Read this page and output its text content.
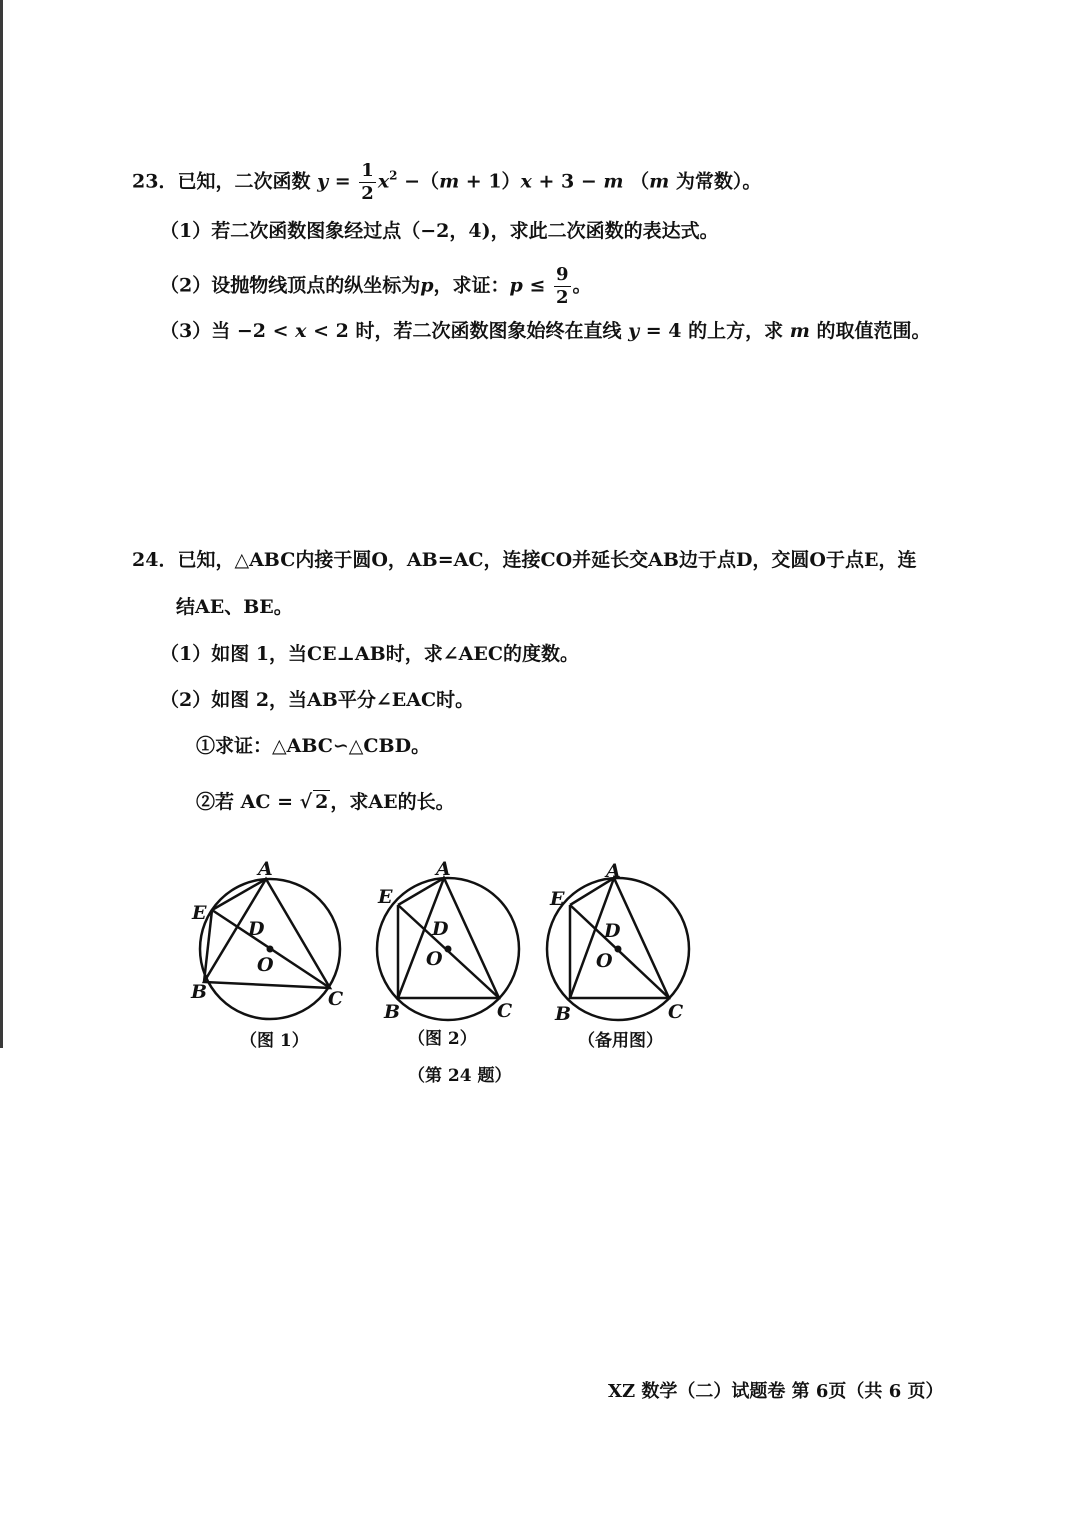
23．已知，二次函数 $y = \frac{1}{2} x^2 -(m + 1)x + 3 - m$ （m 为常数）。
（1）若二次函数图象经过点（−2，4)，求此二次函数的表达式。
（2）设抛物线顶点的纵坐标为p，求证：$p \le \frac{9}{2}$ 。
（3）当 −2 < x < 2 时，若二次函数图象始终在直线 y = 4 的上方，求 m 的取值范围。
24．已知，△ABC内接于圆O，AB=AC，连接CO并延长交AB边于点D，交圆O于点E，连
结AE、BE。
（1）如图 1，当CE⊥AB时，求∠AEC的度数。
（2）如图 2，当AB平分∠EAC时。
①求证：△ABC∽△CBD。
②若 AC = √ 2 ，求AE的长。
A
E
D
O
B	C
A
E
D
O
B	C
A
E
D
O
B	C
（图 1）	（图 2）	（备用图）
（第 24 题）
XZ 数学（二）试题卷 第 6页（共 6 页）
